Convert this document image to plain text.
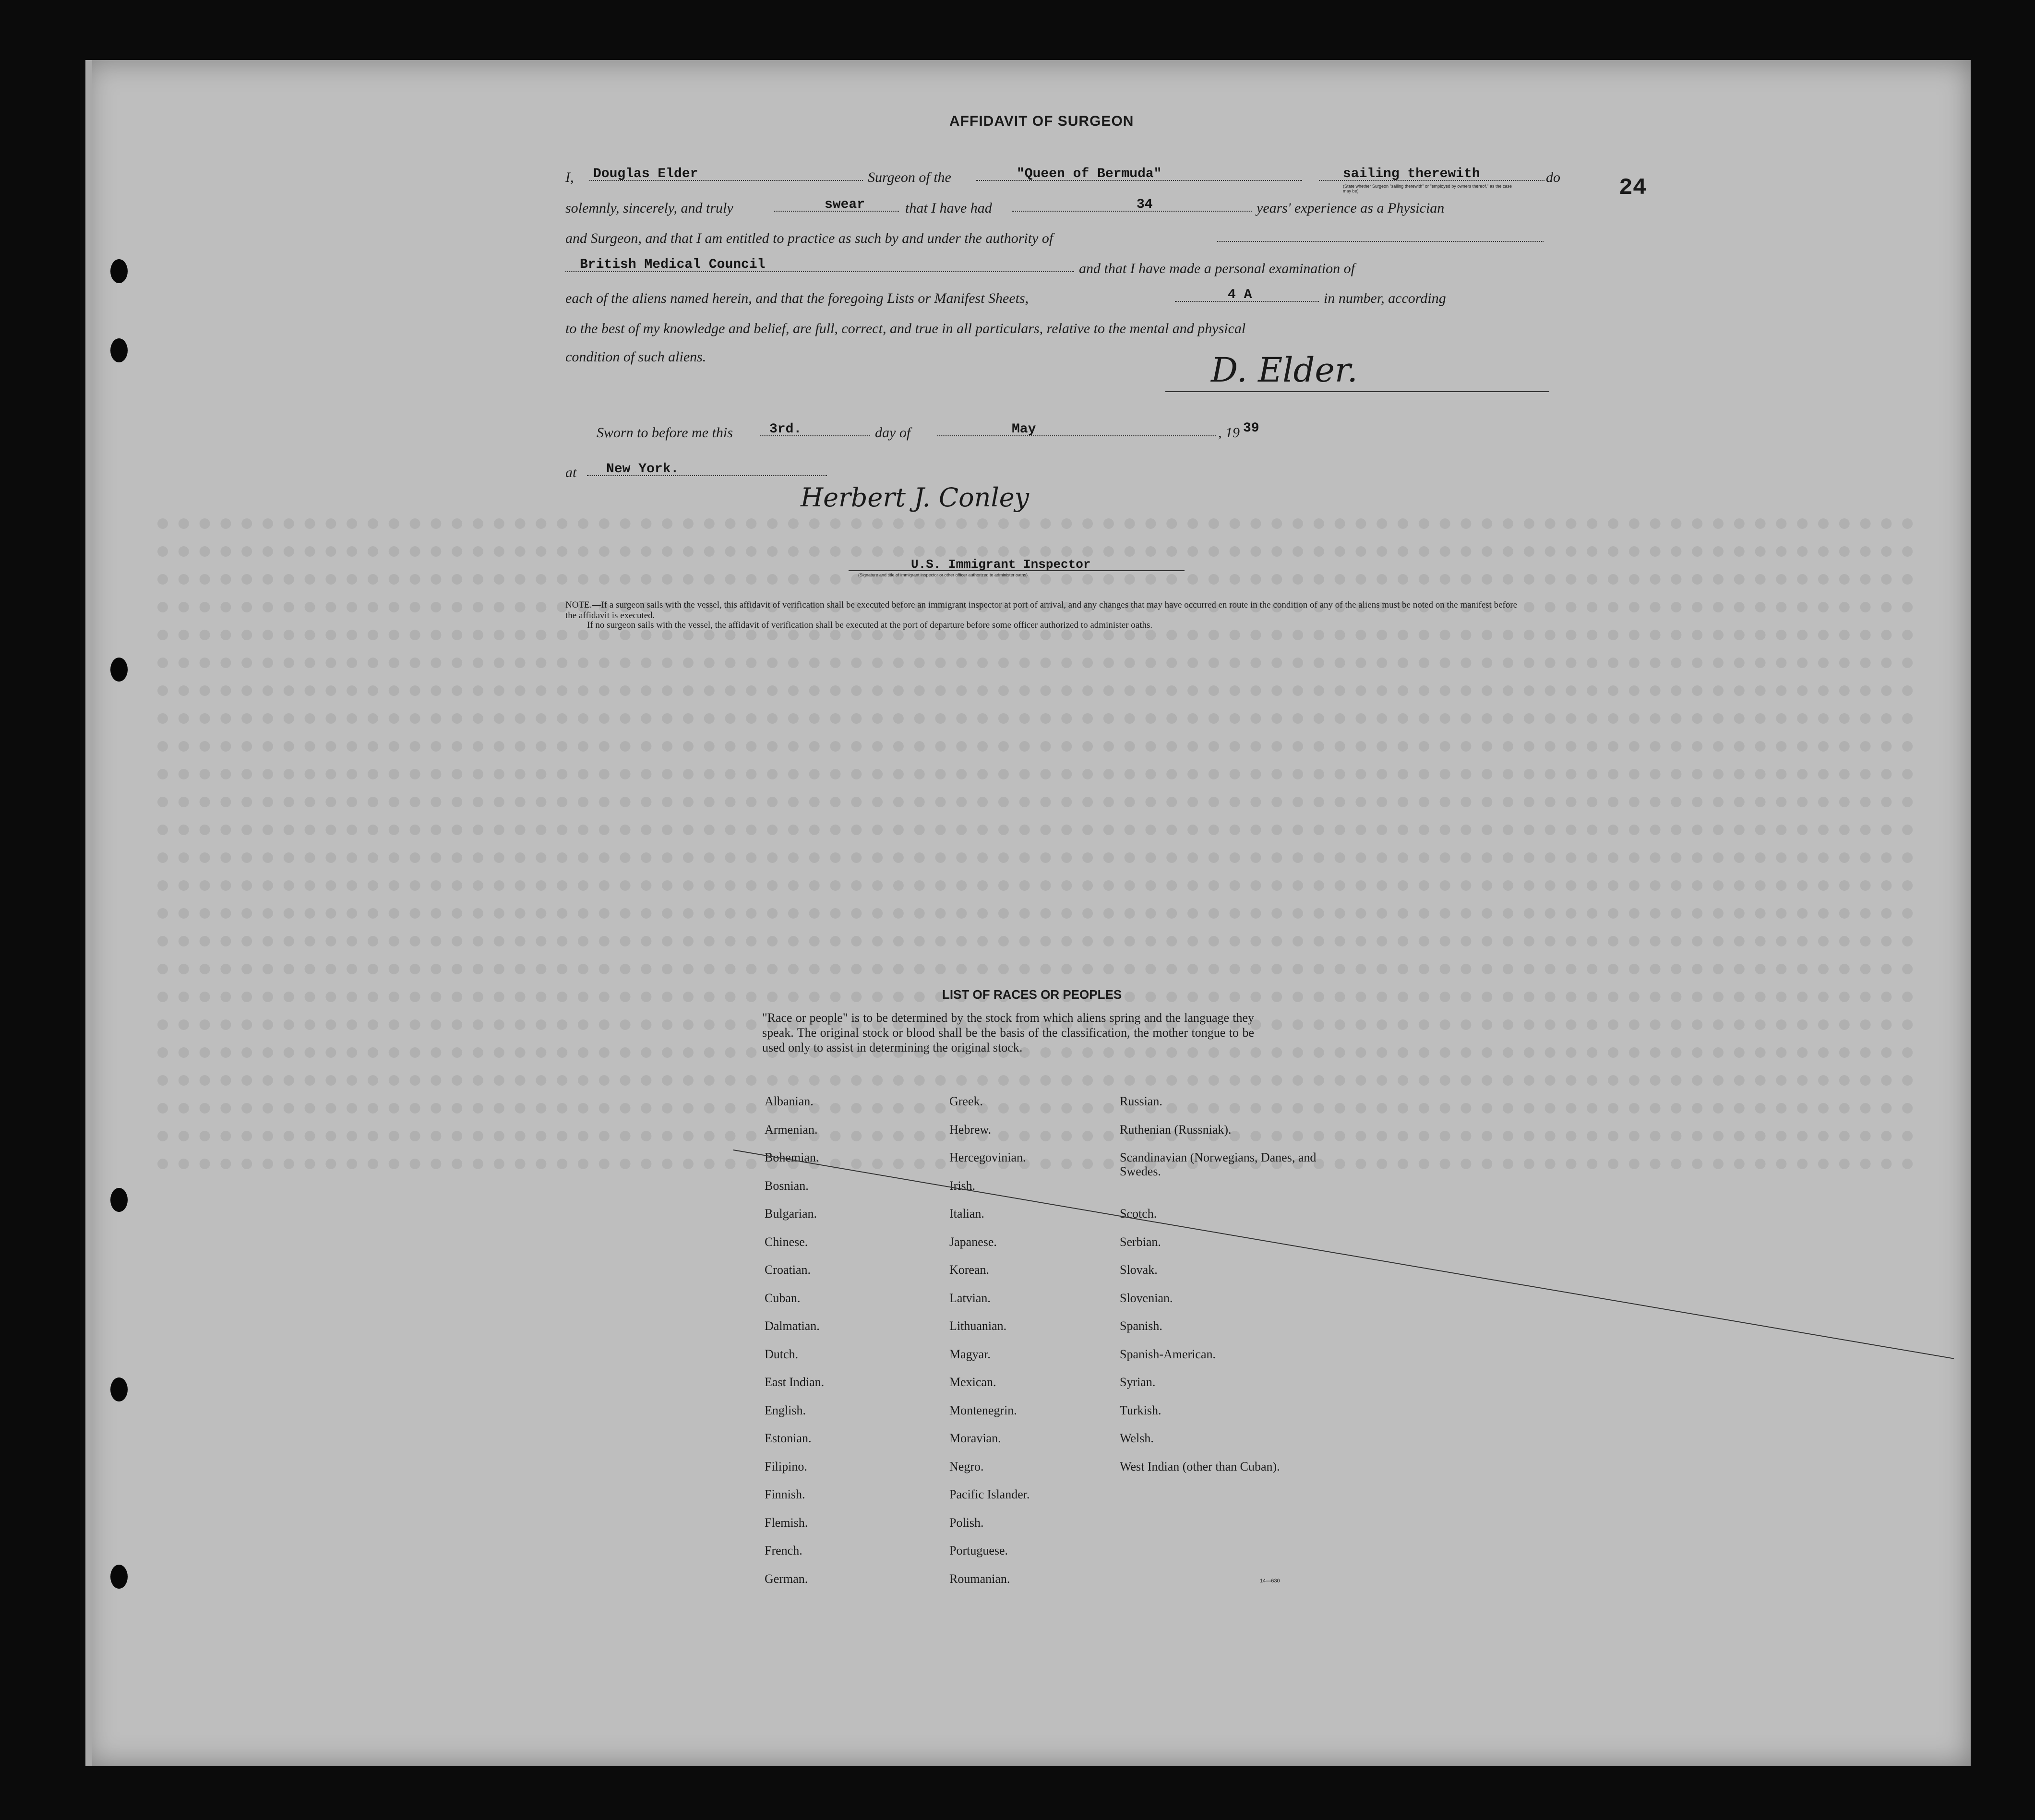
AFFIDAVIT OF SURGEON
24
I, Douglas Elder	Surgeon of the	"Queen of Bermuda"	sailing therewith	do
(State whether Surgeon "sailing therewith" or "employed by owners thereof," as the case may be)
solemnly, sincerely, and truly	swear	that I have had	34	years' experience as a Physician
and Surgeon, and that I am entitled to practice as such by and under the authority of
British Medical Council	and that I have made a personal examination of
each of the aliens named herein, and that the foregoing Lists or Manifest Sheets,	4 A	in number, according
to the best of my knowledge and belief, are full, correct, and true in all particulars, relative to the mental and physical
condition of such aliens.	D. Elder.
Sworn to before me this	3rd.	day of	May	, 19 39
at New York.
Herbert J. Conley
U.S. Immigrant Inspector
(Signature and title of immigrant inspector or other officer authorized to administer oaths)
NOTE.—If a surgeon sails with the vessel, this affidavit of verification shall be executed before an immigrant inspector at port of arrival, and any changes that may have occurred en route in the condition of any of the aliens must be noted on the manifest before the affidavit is executed.
If no surgeon sails with the vessel, the affidavit of verification shall be executed at the port of departure before some officer authorized to administer oaths.
LIST OF RACES OR PEOPLES
"Race or people" is to be determined by the stock from which aliens spring and the language they speak. The original stock or blood shall be the basis of the classification, the mother tongue to be used only to assist in determining the original stock.
Albanian.
Armenian.
Bohemian.
Bosnian.
Bulgarian.
Chinese.
Croatian.
Cuban.
Dalmatian.
Dutch.
East Indian.
English.
Estonian.
Filipino.
Finnish.
Flemish.
French.
German.
Greek.
Hebrew.
Hercegovinian.
Irish.
Italian.
Japanese.
Korean.
Latvian.
Lithuanian.
Magyar.
Mexican.
Montenegrin.
Moravian.
Negro.
Pacific Islander.
Polish.
Portuguese.
Roumanian.
Russian.
Ruthenian (Russniak).
Scandinavian (Norwegians, Danes, and Swedes.
Scotch.
Serbian.
Slovak.
Slovenian.
Spanish.
Spanish-American.
Syrian.
Turkish.
Welsh.
West Indian (other than Cuban).
14—630
